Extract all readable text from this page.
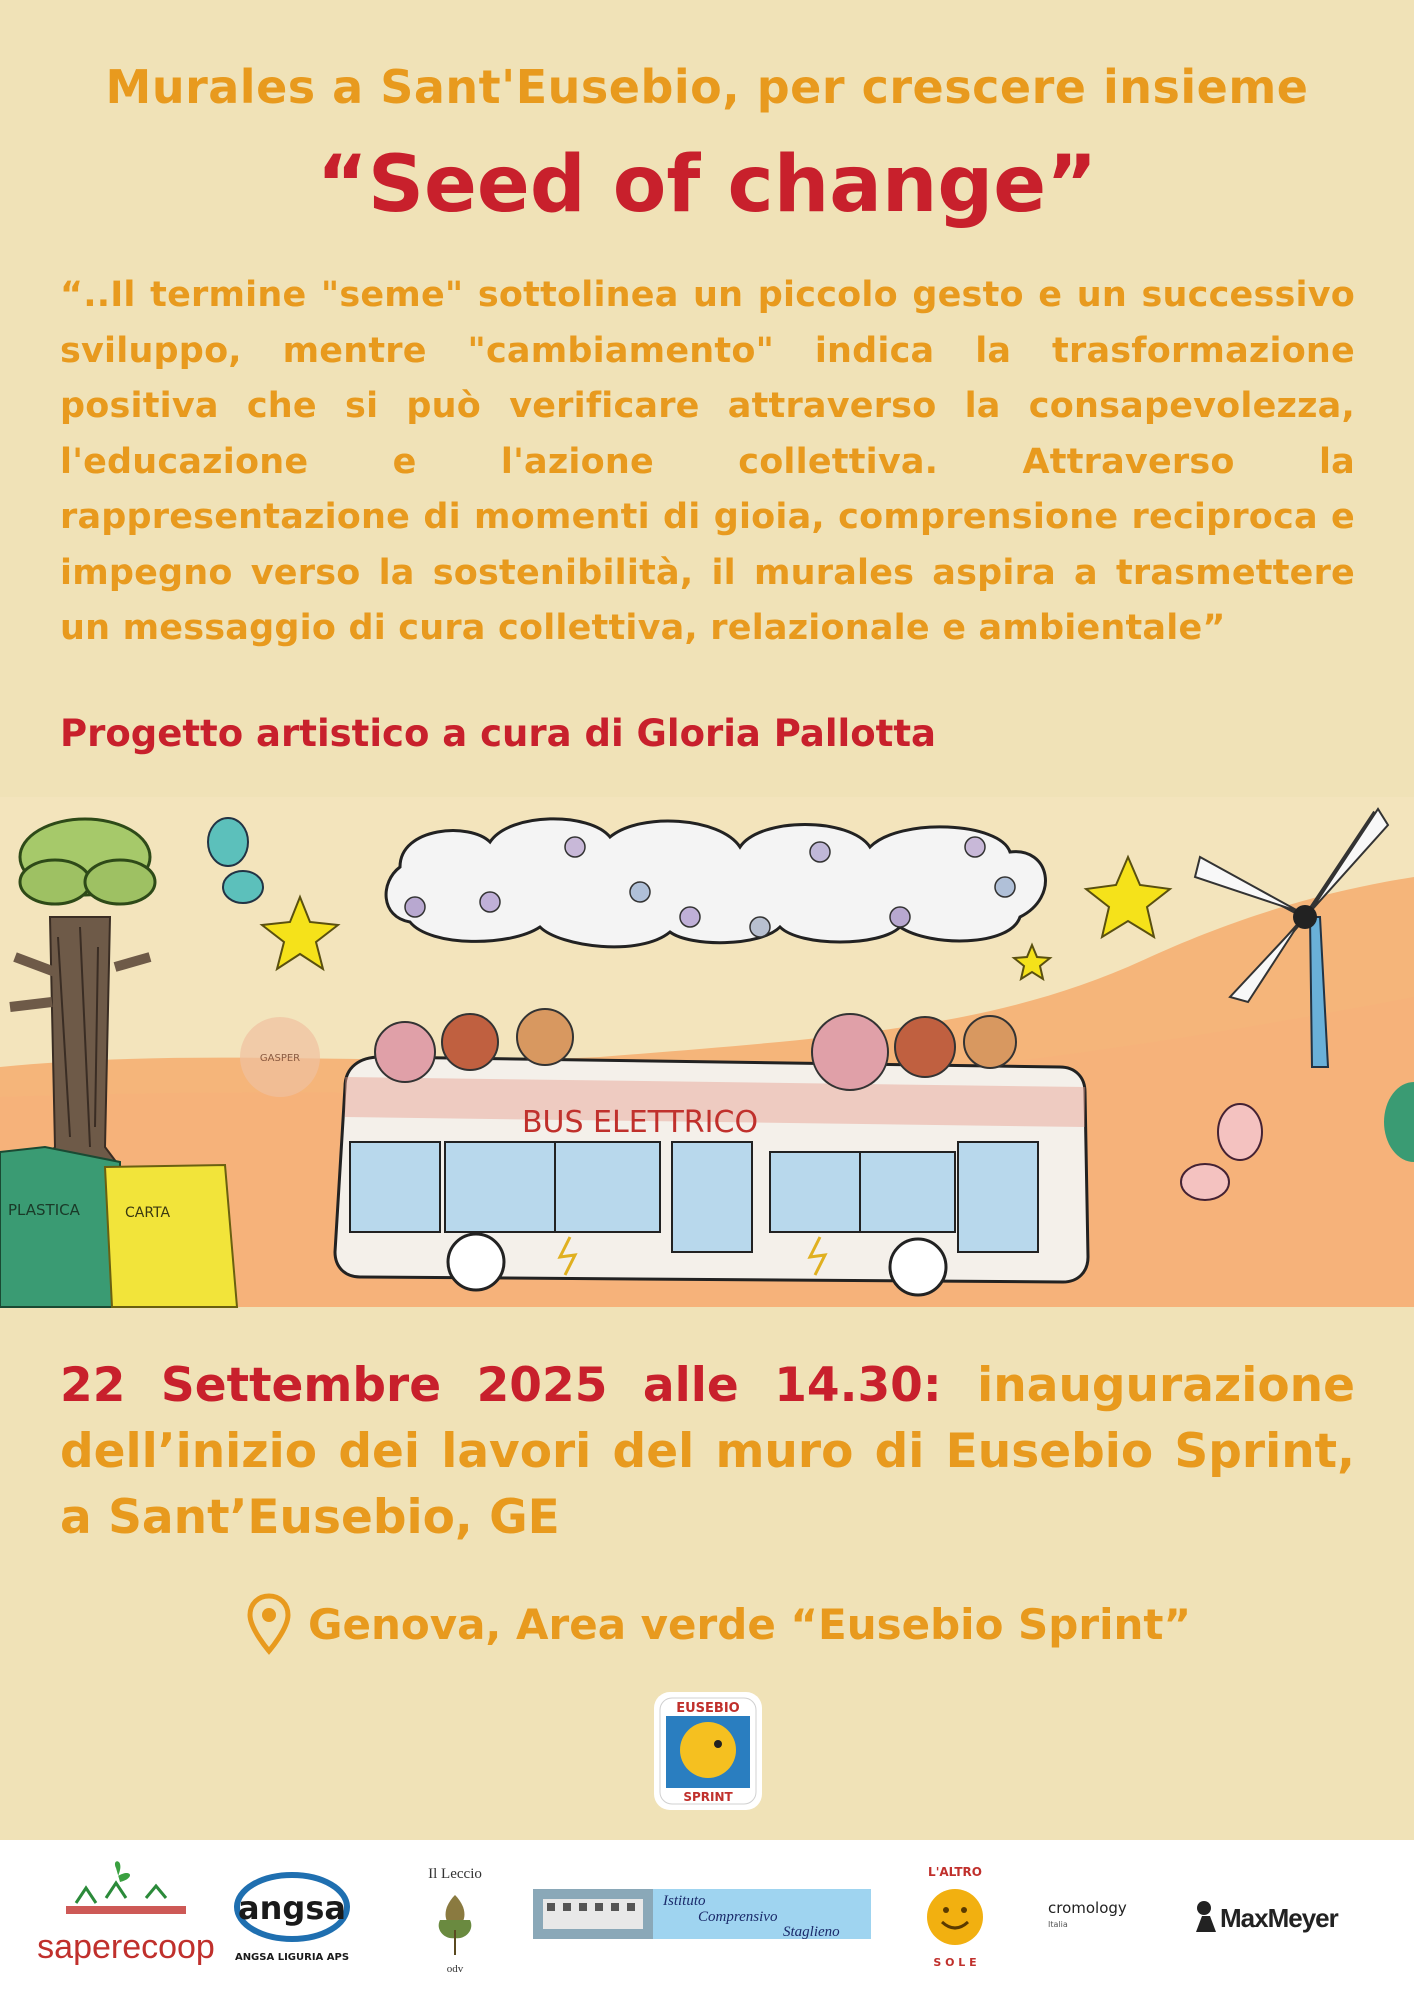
Murales a Sant'Eusebio, per crescere insieme
“Seed of change”
“..Il termine "seme" sottolinea un piccolo gesto e un successivo sviluppo, mentre "cambiamento" indica la trasformazione positiva che si può verificare attraverso la consapevolezza, l'educazione e l'azione collettiva. Attraverso la rappresentazione di momenti di gioia, comprensione reciproca e impegno verso la sostenibilità, il murales aspira a trasmettere un messaggio di cura collettiva, relazionale e ambientale”
Progetto artistico a cura di Gloria Pallotta
GASPER
PLASTICA	CARTA
BUS ELETTRICO
22 Settembre 2025 alle 14.30: inaugurazione dell’inizio dei lavori del muro di Eusebio Sprint, a Sant’Eusebio, GE
Genova, Area verde “Eusebio Sprint”
EUSEBIO
SPRINT
saperecoop
angsa
ANGSA LIGURIA APS
Il Leccio
odv
Istituto
Comprensivo
Staglieno
L'ALTRO
S O L E
cromology
Italia	MaxMeyer
